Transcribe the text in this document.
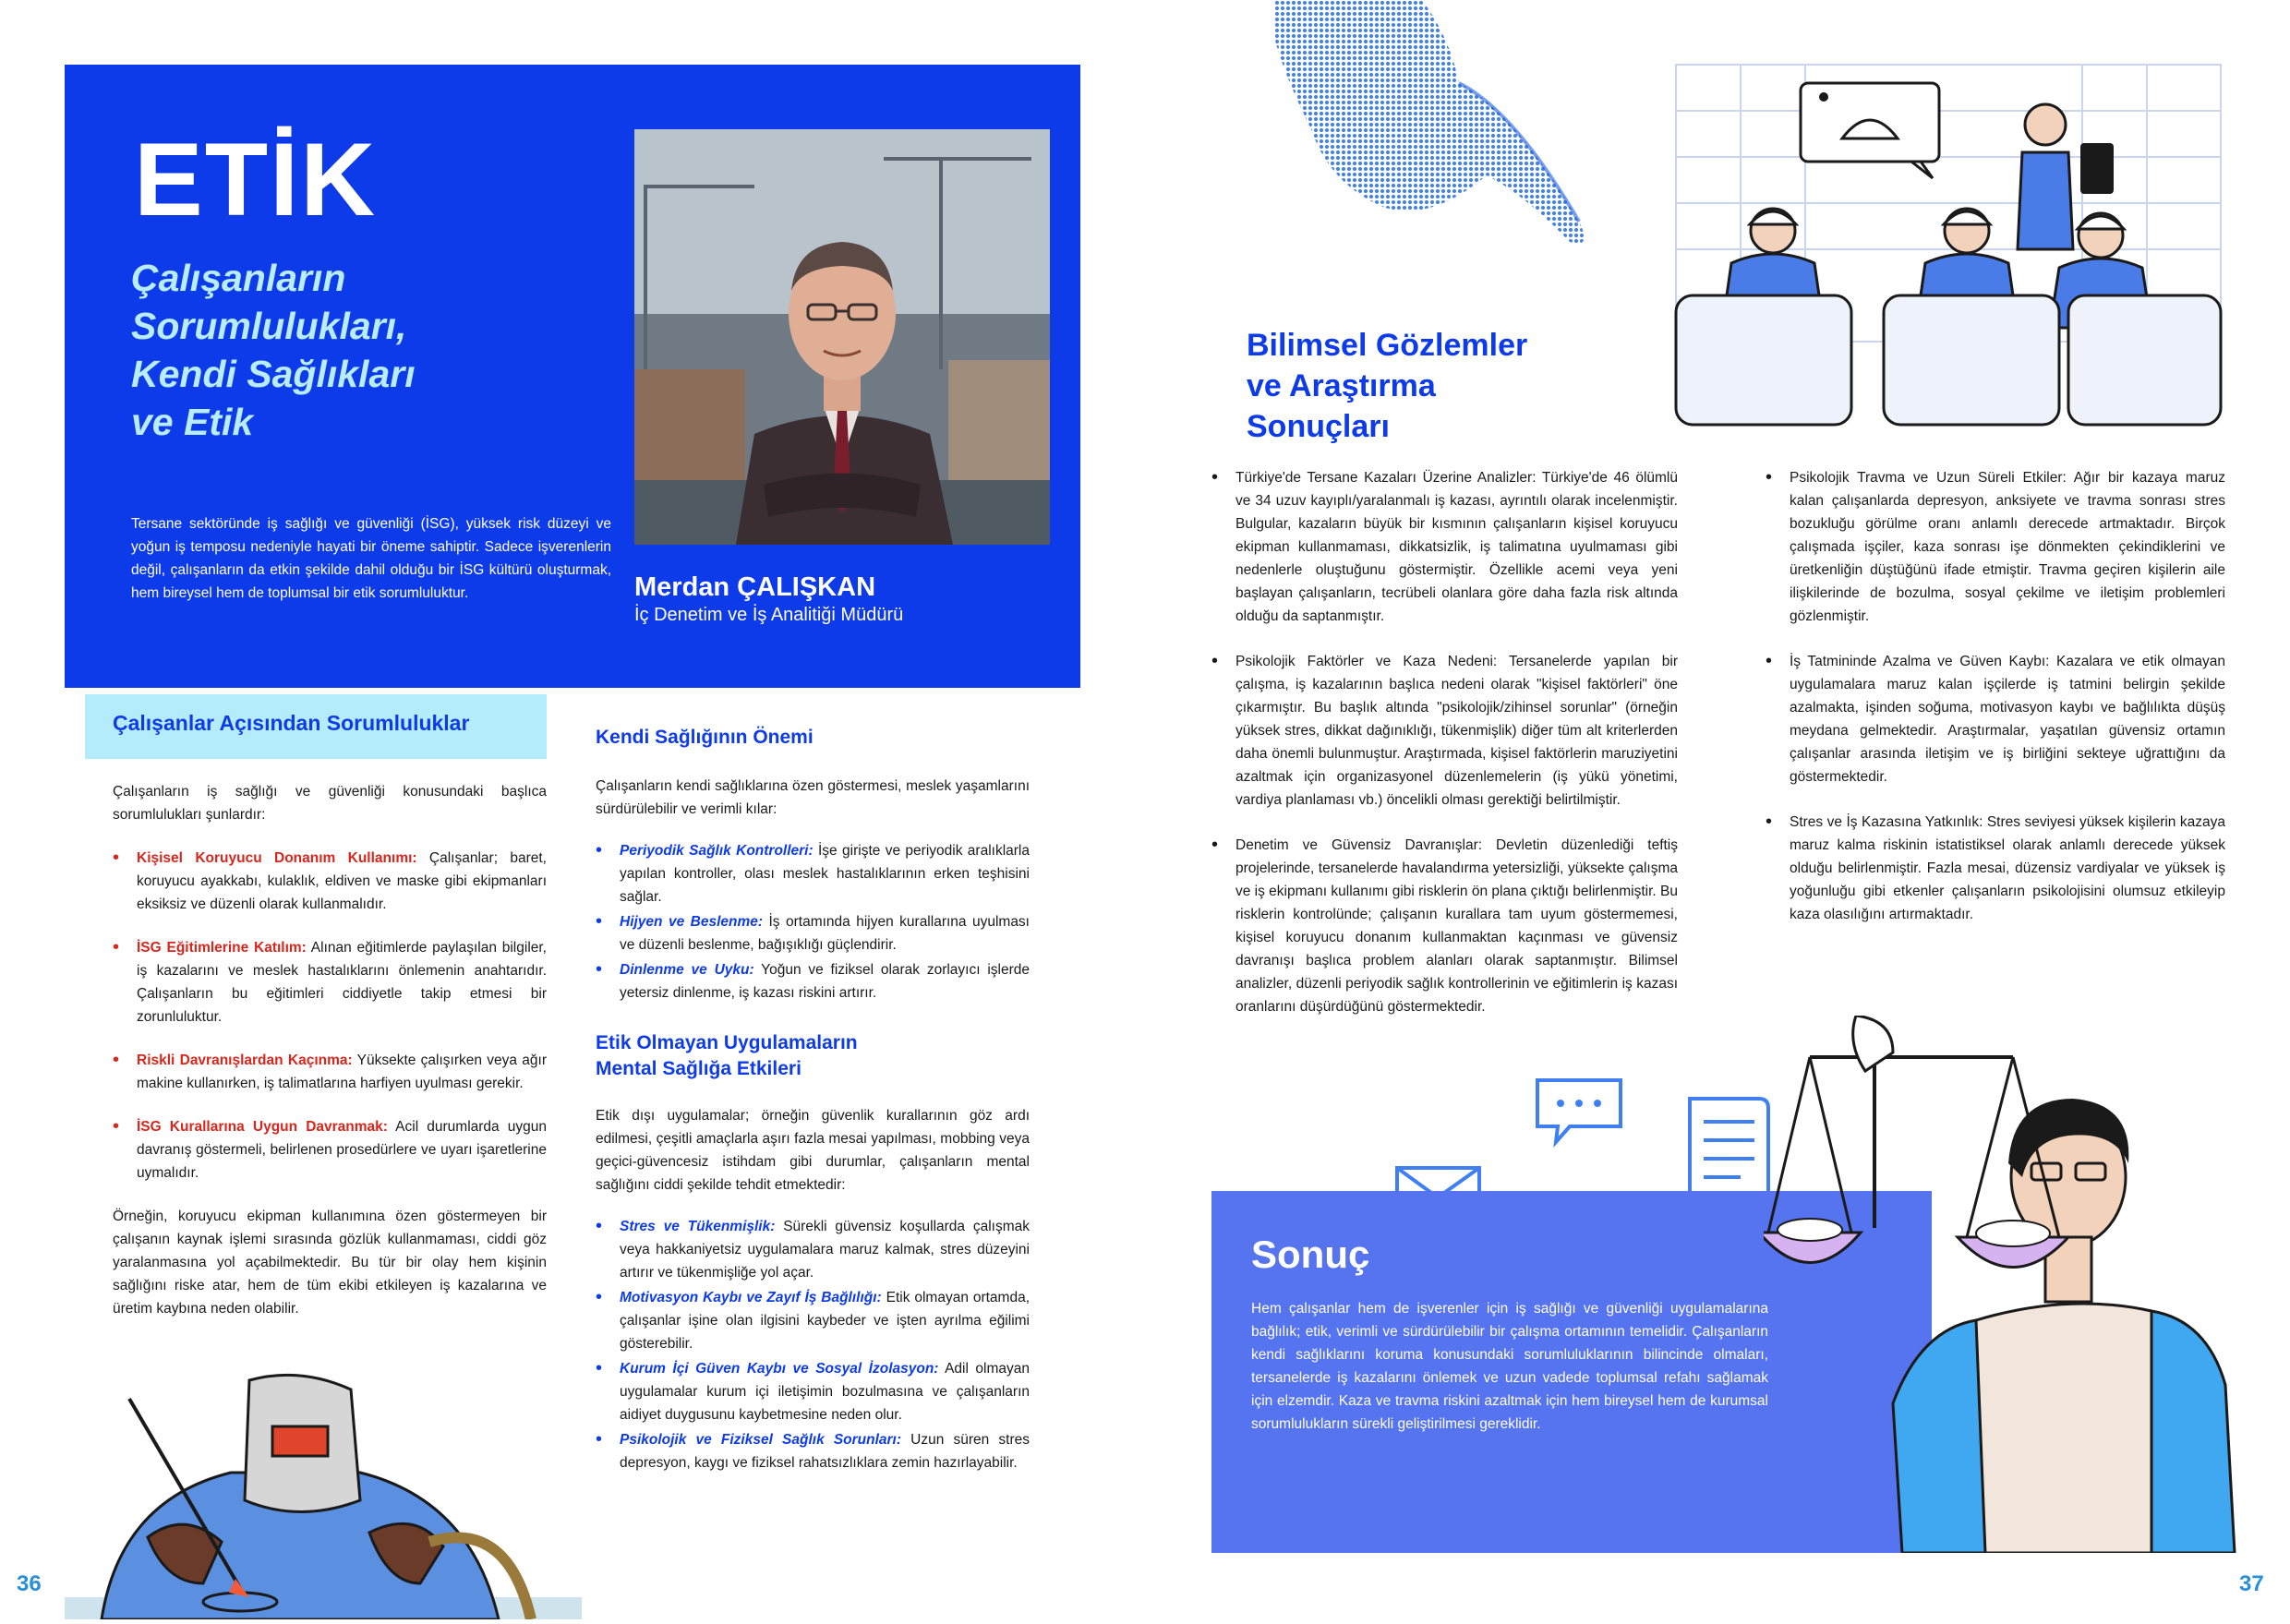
ETİK
Çalışanların
Sorumlulukları,
Kendi Sağlıkları
ve Etik
Tersane sektöründe iş sağlığı ve güvenliği (İSG), yüksek risk düzeyi ve yoğun iş temposu nedeniyle hayati bir öneme sahiptir. Sadece işverenlerin değil, çalışanların da etkin şekilde dahil olduğu bir İSG kültürü oluşturmak, hem bireysel hem de toplumsal bir etik sorumluluktur.	Merdan ÇALIŞKAN
İç Denetim ve İş Analitiği Müdürü
Çalışanlar Açısından Sorumluluklar
Çalışanların iş sağlığı ve güvenliği konusundaki başlıca sorumlulukları şunlardır:
• Kişisel Koruyucu Donanım Kullanımı: Çalışanlar; baret, koruyucu ayakkabı, kulaklık, eldiven ve maske gibi ekipmanları eksiksiz ve düzenli olarak kullanmalıdır.
• İSG Eğitimlerine Katılım: Alınan eğitimlerde paylaşılan bilgiler, iş kazalarını ve meslek hastalıklarını önlemenin anahtarıdır. Çalışanların bu eğitimleri ciddiyetle takip etmesi bir zorunluluktur.
• Riskli Davranışlardan Kaçınma: Yüksekte çalışırken veya ağır makine kullanırken, iş talimatlarına harfiyen uyulması gerekir.
• İSG Kurallarına Uygun Davranmak: Acil durumlarda uygun davranış göstermeli, belirlenen prosedürlere ve uyarı işaretlerine uymalıdır.
Örneğin, koruyucu ekipman kullanımına özen göstermeyen bir çalışanın kaynak işlemi sırasında gözlük kullanmaması, ciddi göz yaralanmasına yol açabilmektedir. Bu tür bir olay hem kişinin sağlığını riske atar, hem de tüm ekibi etkileyen iş kazalarına ve üretim kaybına neden olabilir.
36
Kendi Sağlığının Önemi
Çalışanların kendi sağlıklarına özen göstermesi, meslek yaşamlarını sürdürülebilir ve verimli kılar:
• Periyodik Sağlık Kontrolleri: İşe girişte ve periyodik aralıklarla yapılan kontroller, olası meslek hastalıklarının erken teşhisini sağlar.
• Hijyen ve Beslenme: İş ortamında hijyen kurallarına uyulması ve düzenli beslenme, bağışıklığı güçlendirir.
• Dinlenme ve Uyku: Yoğun ve fiziksel olarak zorlayıcı işlerde yetersiz dinlenme, iş kazası riskini artırır.
Etik Olmayan Uygulamaların
Mental Sağlığa Etkileri
Etik dışı uygulamalar; örneğin güvenlik kurallarının göz ardı edilmesi, çeşitli amaçlarla aşırı fazla mesai yapılması, mobbing veya geçici-güvencesiz istihdam gibi durumlar, çalışanların mental sağlığını ciddi şekilde tehdit etmektedir:
• Stres ve Tükenmişlik: Sürekli güvensiz koşullarda çalışmak veya hakkaniyetsiz uygulamalara maruz kalmak, stres düzeyini artırır ve tükenmişliğe yol açar.
• Motivasyon Kaybı ve Zayıf İş Bağlılığı: Etik olmayan ortamda, çalışanlar işine olan ilgisini kaybeder ve işten ayrılma eğilimi gösterebilir.
• Kurum İçi Güven Kaybı ve Sosyal İzolasyon: Adil olmayan uygulamalar kurum içi iletişimin bozulmasına ve çalışanların aidiyet duygusunu kaybetmesine neden olur.
• Psikolojik ve Fiziksel Sağlık Sorunları: Uzun süren stres depresyon, kaygı ve fiziksel rahatsızlıklara zemin hazırlayabilir.
Bilimsel Gözlemler
ve Araştırma
Sonuçları
• Türkiye'de Tersane Kazaları Üzerine Analizler: Türkiye'de 46 ölümlü ve 34 uzuv kayıplı/yaralanmalı iş kazası, ayrıntılı olarak incelenmiştir. Bulgular, kazaların büyük bir kısmının çalışanların kişisel koruyucu ekipman kullanmaması, dikkatsizlik, iş talimatına uyulmaması gibi nedenlerle oluştuğunu göstermiştir. Özellikle acemi veya yeni başlayan çalışanların, tecrübeli olanlara göre daha fazla risk altında olduğu da saptanmıştır.
• Psikolojik Faktörler ve Kaza Nedeni: Tersanelerde yapılan bir çalışma, iş kazalarının başlıca nedeni olarak "kişisel faktörleri" öne çıkarmıştır. Bu başlık altında "psikolojik/zihinsel sorunlar" (örneğin yüksek stres, dikkat dağınıklığı, tükenmişlik) diğer tüm alt kriterlerden daha önemli bulunmuştur. Araştırmada, kişisel faktörlerin maruziyetini azaltmak için organizasyonel düzenlemelerin (iş yükü yönetimi, vardiya planlaması vb.) öncelikli olması gerektiği belirtilmiştir.
• Denetim ve Güvensiz Davranışlar: Devletin düzenlediği teftiş projelerinde, tersanelerde havalandırma yetersizliği, yüksekte çalışma ve iş ekipmanı kullanımı gibi risklerin ön plana çıktığı belirlenmiştir. Bu risklerin kontrolünde; çalışanın kurallara tam uyum göstermemesi, kişisel koruyucu donanım kullanmaktan kaçınması ve güvensiz davranışı başlıca problem alanları olarak saptanmıştır. Bilimsel analizler, düzenli periyodik sağlık kontrollerinin ve eğitimlerin iş kazası oranlarını düşürdüğünü göstermektedir.
• Psikolojik Travma ve Uzun Süreli Etkiler: Ağır bir kazaya maruz kalan çalışanlarda depresyon, anksiyete ve travma sonrası stres bozukluğu görülme oranı anlamlı derecede artmaktadır. Birçok çalışmada işçiler, kaza sonrası işe dönmekten çekindiklerini ve üretkenliğin düştüğünü ifade etmiştir. Travma geçiren kişilerin aile ilişkilerinde de bozulma, sosyal çekilme ve iletişim problemleri gözlenmiştir.
• İş Tatmininde Azalma ve Güven Kaybı: Kazalara ve etik olmayan uygulamalara maruz kalan işçilerde iş tatmini belirgin şekilde azalmakta, işinden soğuma, motivasyon kaybı ve bağlılıkta düşüş meydana gelmektedir. Araştırmalar, yaşatılan güvensiz ortamın çalışanlar arasında iletişim ve iş birliğini sekteye uğrattığını da göstermektedir.
• Stres ve İş Kazasına Yatkınlık: Stres seviyesi yüksek kişilerin kazaya maruz kalma riskinin istatistiksel olarak anlamlı derecede yüksek olduğu belirlenmiştir. Fazla mesai, düzensiz vardiyalar ve yüksek iş yoğunluğu gibi etkenler çalışanların psikolojisini olumsuz etkileyip kaza olasılığını artırmaktadır.
Sonuç
Hem çalışanlar hem de işverenler için iş sağlığı ve güvenliği uygulamalarına bağlılık; etik, verimli ve sürdürülebilir bir çalışma ortamının temelidir. Çalışanların kendi sağlıklarını koruma konusundaki sorumluluklarının bilincinde olmaları, tersanelerde iş kazalarını önlemek ve uzun vadede toplumsal refahı sağlamak için elzemdir. Kaza ve travma riskini azaltmak için hem bireysel hem de kurumsal sorumlulukların sürekli geliştirilmesi gereklidir.
37
